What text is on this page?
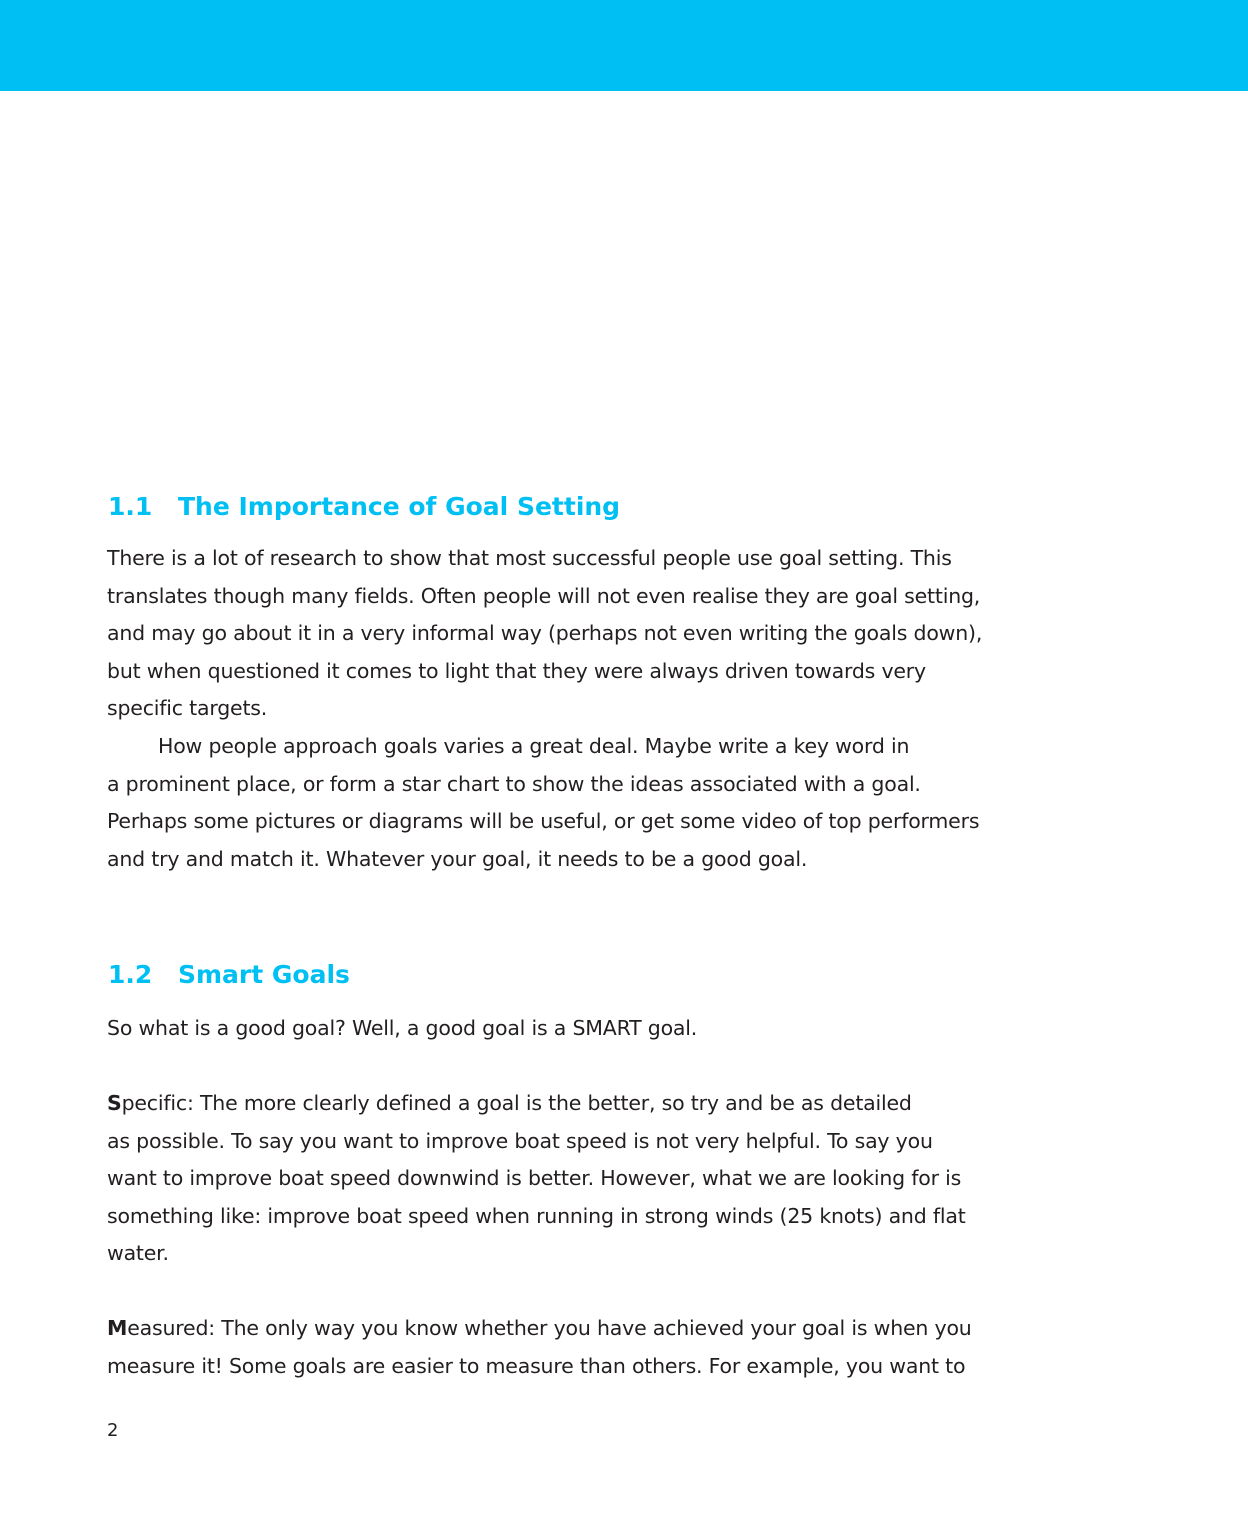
1.1 The Importance of Goal Setting
There is a lot of research to show that most successful people use goal setting. This
translates though many fields. Often people will not even realise they are goal setting,
and may go about it in a very informal way (perhaps not even writing the goals down),
but when questioned it comes to light that they were always driven towards very
specific targets.
How people approach goals varies a great deal. Maybe write a key word in
a prominent place, or form a star chart to show the ideas associated with a goal.
Perhaps some pictures or diagrams will be useful, or get some video of top performers
and try and match it. Whatever your goal, it needs to be a good goal.
1.2 Smart Goals
So what is a good goal? Well, a good goal is a SMART goal.
Specific: The more clearly defined a goal is the better, so try and be as detailed
as possible. To say you want to improve boat speed is not very helpful. To say you
want to improve boat speed downwind is better. However, what we are looking for is
something like: improve boat speed when running in strong winds (25 knots) and flat
water.
Measured: The only way you know whether you have achieved your goal is when you
measure it! Some goals are easier to measure than others. For example, you want to
2
